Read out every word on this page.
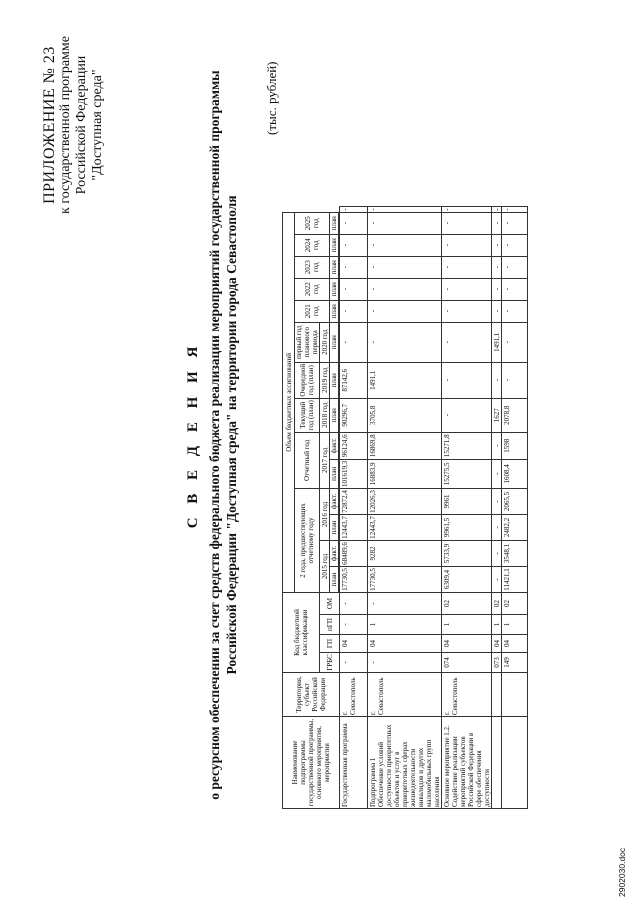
ПРИЛОЖЕНИЕ № 23 к государственной программе Российской Федерации "Доступная среда"
С В Е Д Е Н И Я о ресурсном обеспечении за счет средств федерального бюджета реализации мероприятий государственной программы Российской Федерации "Доступная среда" на территории города Севастополя
(тыс. рублей)
Наименование подпрограммы государственной программы, основного мероприятия, мероприятия	Территория, субъект Российской Федерации	Код бюджетной классификации				Объем бюджетных ассигнований														
						2 года, предшествующих отчетному году				Отчетный год		Текущий год (план)	Очередной год (план)	первый год планового периода	2021 год	2022 год	2023 год	2024 год	2025 год	
		ГРБС	ГП	пГП	ОМ	2015 год		2016 год		2017 год		2018 год	2019 год	2020 год						
						план	факт.	план	факт.	план	факт.	план	план	план	план	план	план	план	план	

Государственная программа	г. Севастополь	-	04	-	-	17730,5	68489,6	12443,7	72872,4	101619,3	96124,6	90296,7	87142,6	-	-	-	-	-	-	-
Подпрограмма 1 Обеспечение условий доступности приоритетных объектов и услуг в приоритетных сферах жизнедеятельности инвалидов и других маломобильных групп населения	г. Севастополь	-	04	1	-	17730,5	9282	12443,7	12026,3	16883,9	16869,8	3705,8	1491,1	-	-	-	-	-	-	-
Основное мероприятие 1.2. Содействие реализации мероприятий субъектов Российской Федерации в сфере обеспечения доступности	г. Севастополь	074	04	1	02	6309,4	5733,9	9961,5	9961	15275,5	15271,8	-	-	-	-	-	-	-	-	-
		073	04	1	02	-	-	-	-	-	-	1627	-	1491,1	-	-	-	-	-	-
		149	04	1	02	11421,1	3548,1	2482,2	2065,5	1608,4	1598	2078,8	-	-	-	-	-	-	-	-
2902030.doc
